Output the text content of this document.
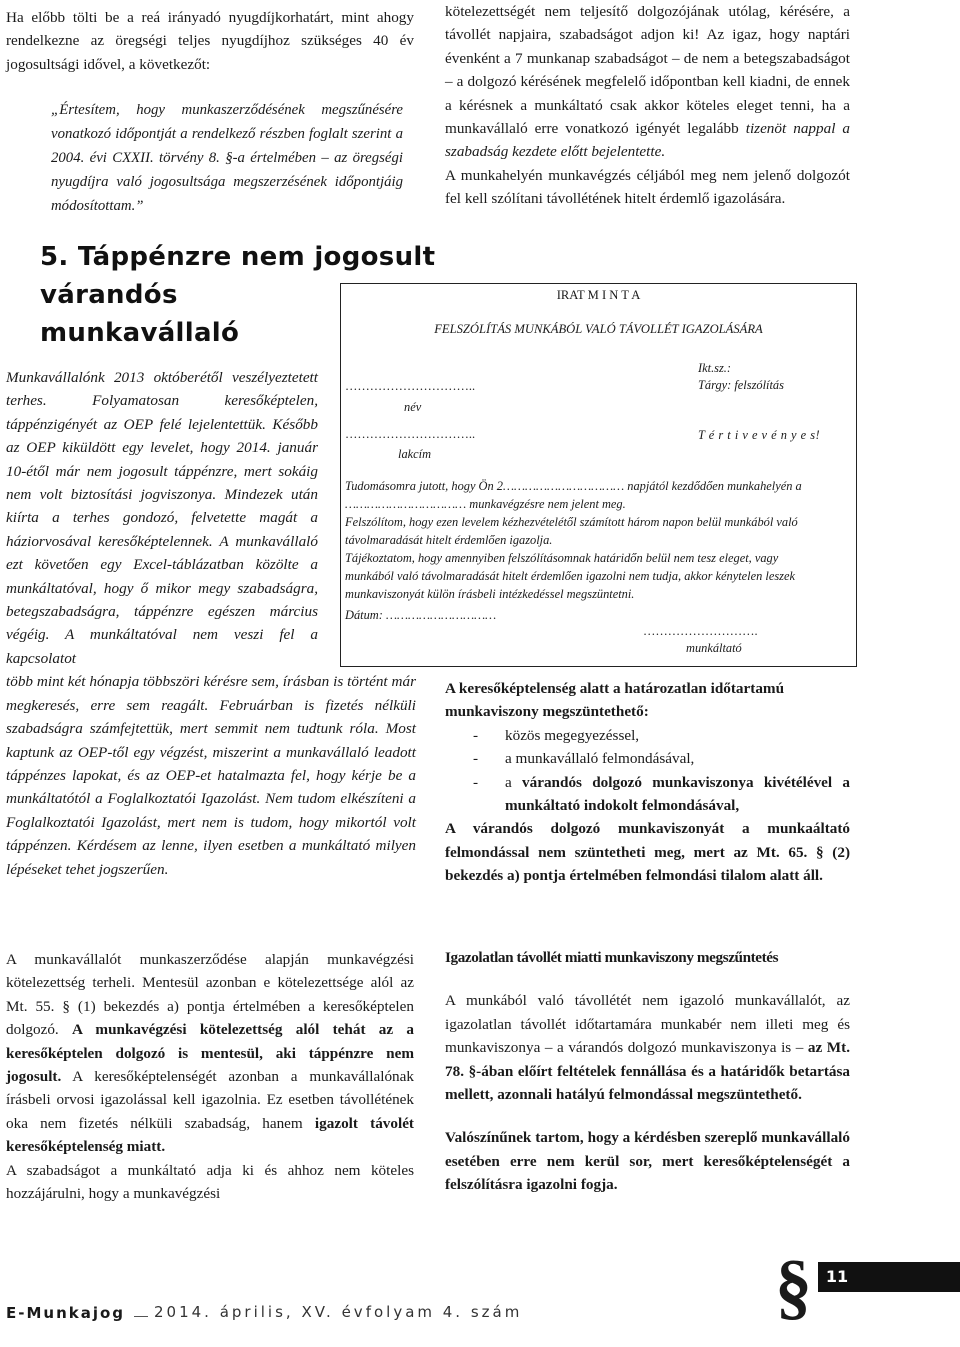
Ha előbb tölti be a reá irányadó nyugdíjkorhatárt, mint ahogy rendelkezne az öregségi teljes nyugdíjhoz szükséges 40 év jogosultsági idővel, a következőt:

„Értesítem, hogy munkaszerződésének megszűnésére vonatkozó időpontját a rendelkező részben foglalt szerint a 2004. évi CXXII. törvény 8. §-a értelmében – az öregségi nyugdíjra való jogosultsága megszerzésének időpontjáig módosítottam.”

5. Táppénzre nem jogosult
várandós
munkavállaló

Munkavállalónk 2013 októberétől veszélyeztetett terhes. Folyamatosan keresőképtelen, táppénzigényét az OEP felé lejelentettük. Később az OEP kiküldött egy levelet, hogy 2014. január 10-étől már nem jogosult táppénzre, mert sokáig nem volt biztosítási jogviszonya. Mindezek után kiírta a terhes gondozó, felvetette magát a háziorvosával keresőképtelennek. A munkavállaló ezt követően egy Excel-táblázatban közölte a munkáltatóval, hogy ő mikor megy szabadságra, betegszabadságra, táppénzre egészen március végéig. A munkáltatóval nem veszi fel a kapcsolatot

több mint két hónapja többszöri kérésre sem, írásban is történt már megkeresés, erre sem reagált. Februárban is fizetés nélküli szabadságra számfejtettük, mert semmit nem tudtunk róla. Most kaptunk az OEP-től egy végzést, miszerint a munkavállaló leadott táppénzes lapokat, és az OEP-et hatalmazta fel, hogy kérje be a munkáltatótól a Foglalkoztatói Igazolást. Nem tudom elkészíteni a Foglalkoztatói Igazolást, mert nem is tudom, hogy mikortól volt táppénzen. Kérdésem az lenne, ilyen esetben a munkáltató milyen lépéseket tehet jogszerűen.

A munkavállalót munkaszerződése alapján munkavégzési kötelezettség terheli. Mentesül azonban e kötelezettsége alól az Mt. 55. § (1) bekezdés a) pontja értelmében a keresőképtelen dolgozó. A munkavégzési kötelezettség alól tehát az a keresőképtelen dolgozó is mentesül, aki táppénzre nem jogosult. A keresőképtelenségét azonban a munkavállalónak írásbeli orvosi igazolással kell igazolnia. Ez esetben távollétének oka nem fizetés nélküli szabadság, hanem igazolt távolét keresőképtelenség miatt.

A szabadságot a munkáltató adja ki és ahhoz nem köteles hozzájárulni, hogy a munkavégzési

kötelezettségét nem teljesítő dolgozójának utólag, kérésére, a távollét napjaira, szabadságot adjon ki! Az igaz, hogy naptári évenként a 7 munkanap szabadságot – de nem a betegszabadságot – a dolgozó kérésének megfelelő időpontban kell kiadni, de ennek a kérésnek a munkáltató csak akkor köteles eleget tenni, ha a munkavállaló erre vonatkozó igényét legalább tizenöt nappal a szabadság kezdete előtt bejelentette.

A munkahelyén munkavégzés céljából meg nem jelenő dolgozót fel kell szólítani távollétének hitelt érdemlő igazolására.

IRAT M I N T A
FELSZÓLÍTÁS MUNKÁBÓL VALÓ TÁVOLLÉT IGAZOLÁSÁRA
…………………………..
név
…………………………..
lakcím
Ikt.sz.:
Tárgy: felszólítás
T é r t i v e v é n y e s!
Tudomásomra jutott, hogy Ön 2…………………………… napjától kezdődően munkahelyén a …………………………… munkavégzésre nem jelent meg.
Felszólítom, hogy ezen levelem kézhezvételétől számított három napon belül munkából való távolmaradását hitelt érdemlően igazolja.
Tájékoztatom, hogy amennyiben felszólításomnak határidőn belül nem tesz eleget, vagy munkából való távolmaradását hitelt érdemlően igazolni nem tudja, akkor kénytelen leszek munkaviszonyát külön írásbeli intézkedéssel megszüntetni.
Dátum: …………………………
……………………….
munkáltató

A keresőképtelenség alatt a határozatlan időtartamú munkaviszony megszüntethető:

- közös megegyezéssel,
- a munkavállaló felmondásával,
- a várandós dolgozó munkaviszonya kivétélével a munkáltató indokolt felmondásával,

A várandós dolgozó munkaviszonyát a munkaáltató felmondással nem szüntetheti meg, mert az Mt. 65. § (2) bekezdés a) pontja értelmében felmondási tilalom alatt áll.

Igazolatlan távollét miatti munkaviszony megszűntetés

A munkából való távollétét nem igazoló munkavállalót, az igazolatlan távollét időtartamára munkabér nem illeti meg és munkaviszonya – a várandós dolgozó munkaviszonya is – az Mt. 78. §-ában előírt feltételek fennállása és a határidők betartása mellett, azonnali hatályú felmondással megszüntethető.

Valószínűnek tartom, hogy a kérdésben szereplő munkavállaló esetében erre nem kerül sor, mert keresőképtelenségét a felszólításra igazolni fogja.

E-Munkajog 2014. április, XV. évfolyam 4. szám	§ 11
